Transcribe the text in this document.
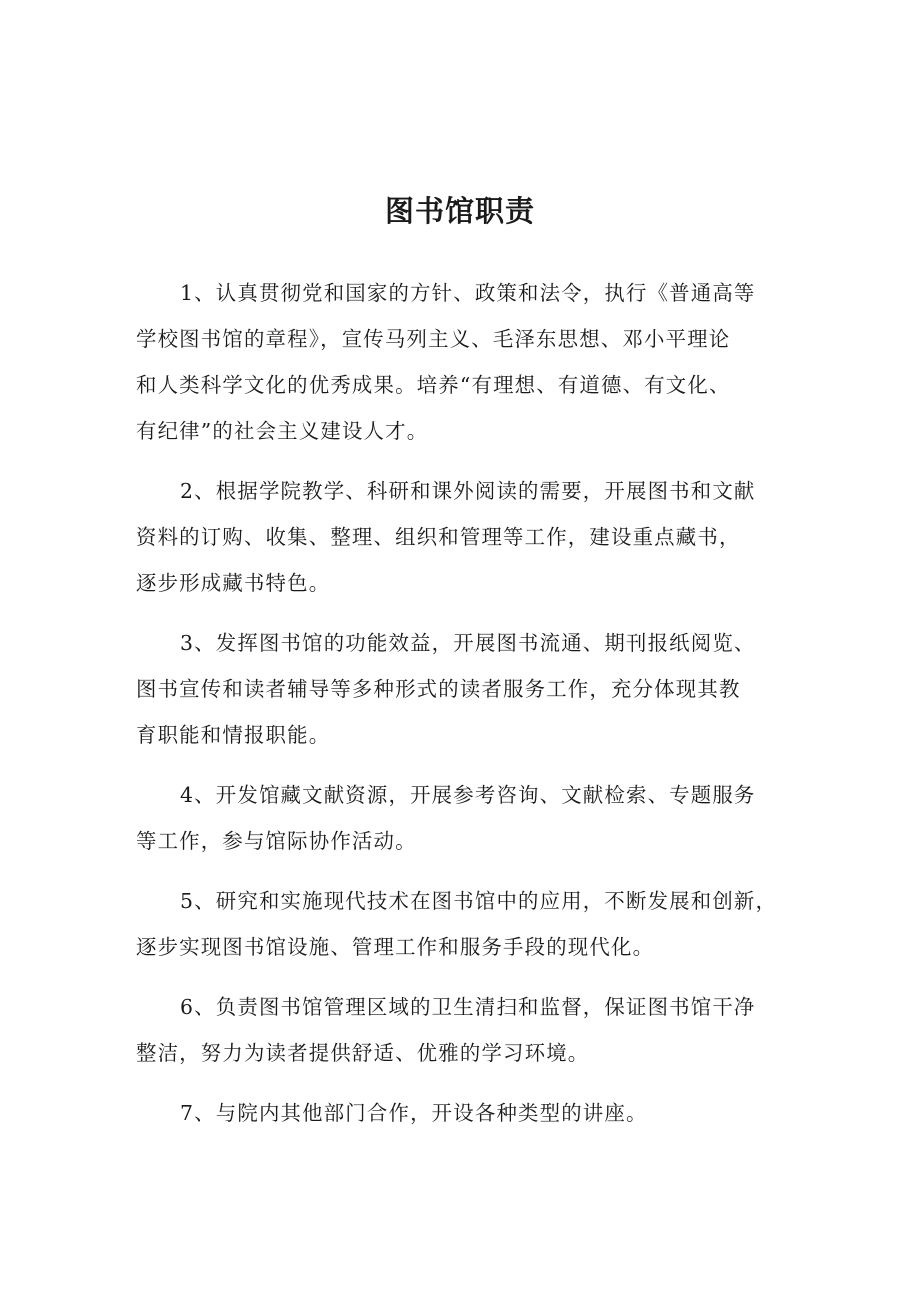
图书馆职责

1、认真贯彻党和国家的方针、政策和法令，执行《普通高等
学校图书馆的章程》，宣传马列主义、毛泽东思想、邓小平理论
和人类科学文化的优秀成果。培养“有理想、有道德、有文化、
有纪律”的社会主义建设人才。

2、根据学院教学、科研和课外阅读的需要，开展图书和文献
资料的订购、收集、整理、组织和管理等工作，建设重点藏书，
逐步形成藏书特色。

3、发挥图书馆的功能效益，开展图书流通、期刊报纸阅览、
图书宣传和读者辅导等多种形式的读者服务工作，充分体现其教
育职能和情报职能。

4、开发馆藏文献资源，开展参考咨询、文献检索、专题服务
等工作，参与馆际协作活动。

5、研究和实施现代技术在图书馆中的应用，不断发展和创新，
逐步实现图书馆设施、管理工作和服务手段的现代化。

6、负责图书馆管理区域的卫生清扫和监督，保证图书馆干净
整洁，努力为读者提供舒适、优雅的学习环境。

7、与院内其他部门合作，开设各种类型的讲座。
